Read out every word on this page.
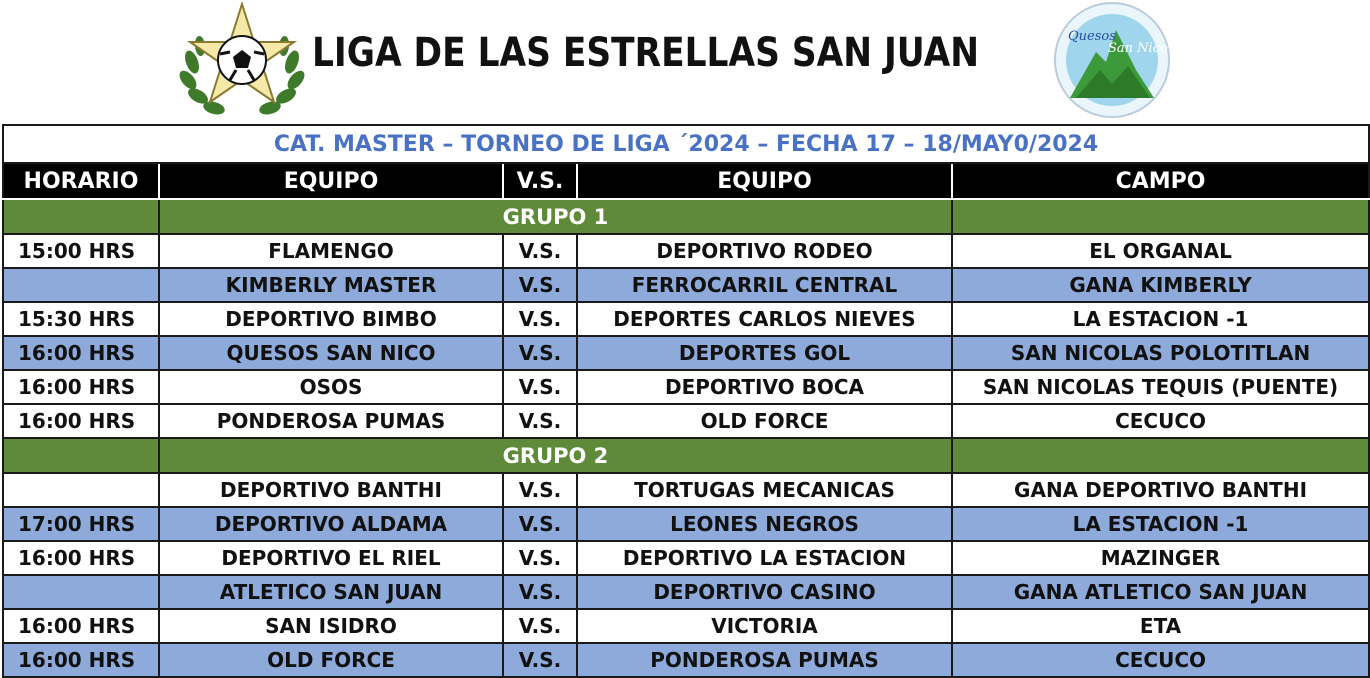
LIGA DE LAS ESTRELLAS SAN JUAN	Quesos
San Nico
CAT. MASTER – TORNEO DE LIGA ´2024 – FECHA 17 – 18/MAY0/2024				
HORARIO	EQUIPO	V.S.	EQUIPO	CAMPO
	GRUPO 1			
15:00 HRS	FLAMENGO	V.S.	DEPORTIVO RODEO	EL ORGANAL
	KIMBERLY MASTER	V.S.	FERROCARRIL CENTRAL	GANA KIMBERLY
15:30 HRS	DEPORTIVO BIMBO	V.S.	DEPORTES CARLOS NIEVES	LA ESTACION -1
16:00 HRS	QUESOS SAN NICO	V.S.	DEPORTES GOL	SAN NICOLAS POLOTITLAN
16:00 HRS	OSOS	V.S.	DEPORTIVO BOCA	SAN NICOLAS TEQUIS (PUENTE)
16:00 HRS	PONDEROSA PUMAS	V.S.	OLD FORCE	CECUCO
	GRUPO 2			
	DEPORTIVO BANTHI	V.S.	TORTUGAS MECANICAS	GANA DEPORTIVO BANTHI
17:00 HRS	DEPORTIVO ALDAMA	V.S.	LEONES NEGROS	LA ESTACION -1
16:00 HRS	DEPORTIVO EL RIEL	V.S.	DEPORTIVO LA ESTACION	MAZINGER
	ATLETICO SAN JUAN	V.S.	DEPORTIVO CASINO	GANA ATLETICO SAN JUAN
16:00 HRS	SAN ISIDRO	V.S.	VICTORIA	ETA
16:00 HRS	OLD FORCE	V.S.	PONDEROSA PUMAS	CECUCO
